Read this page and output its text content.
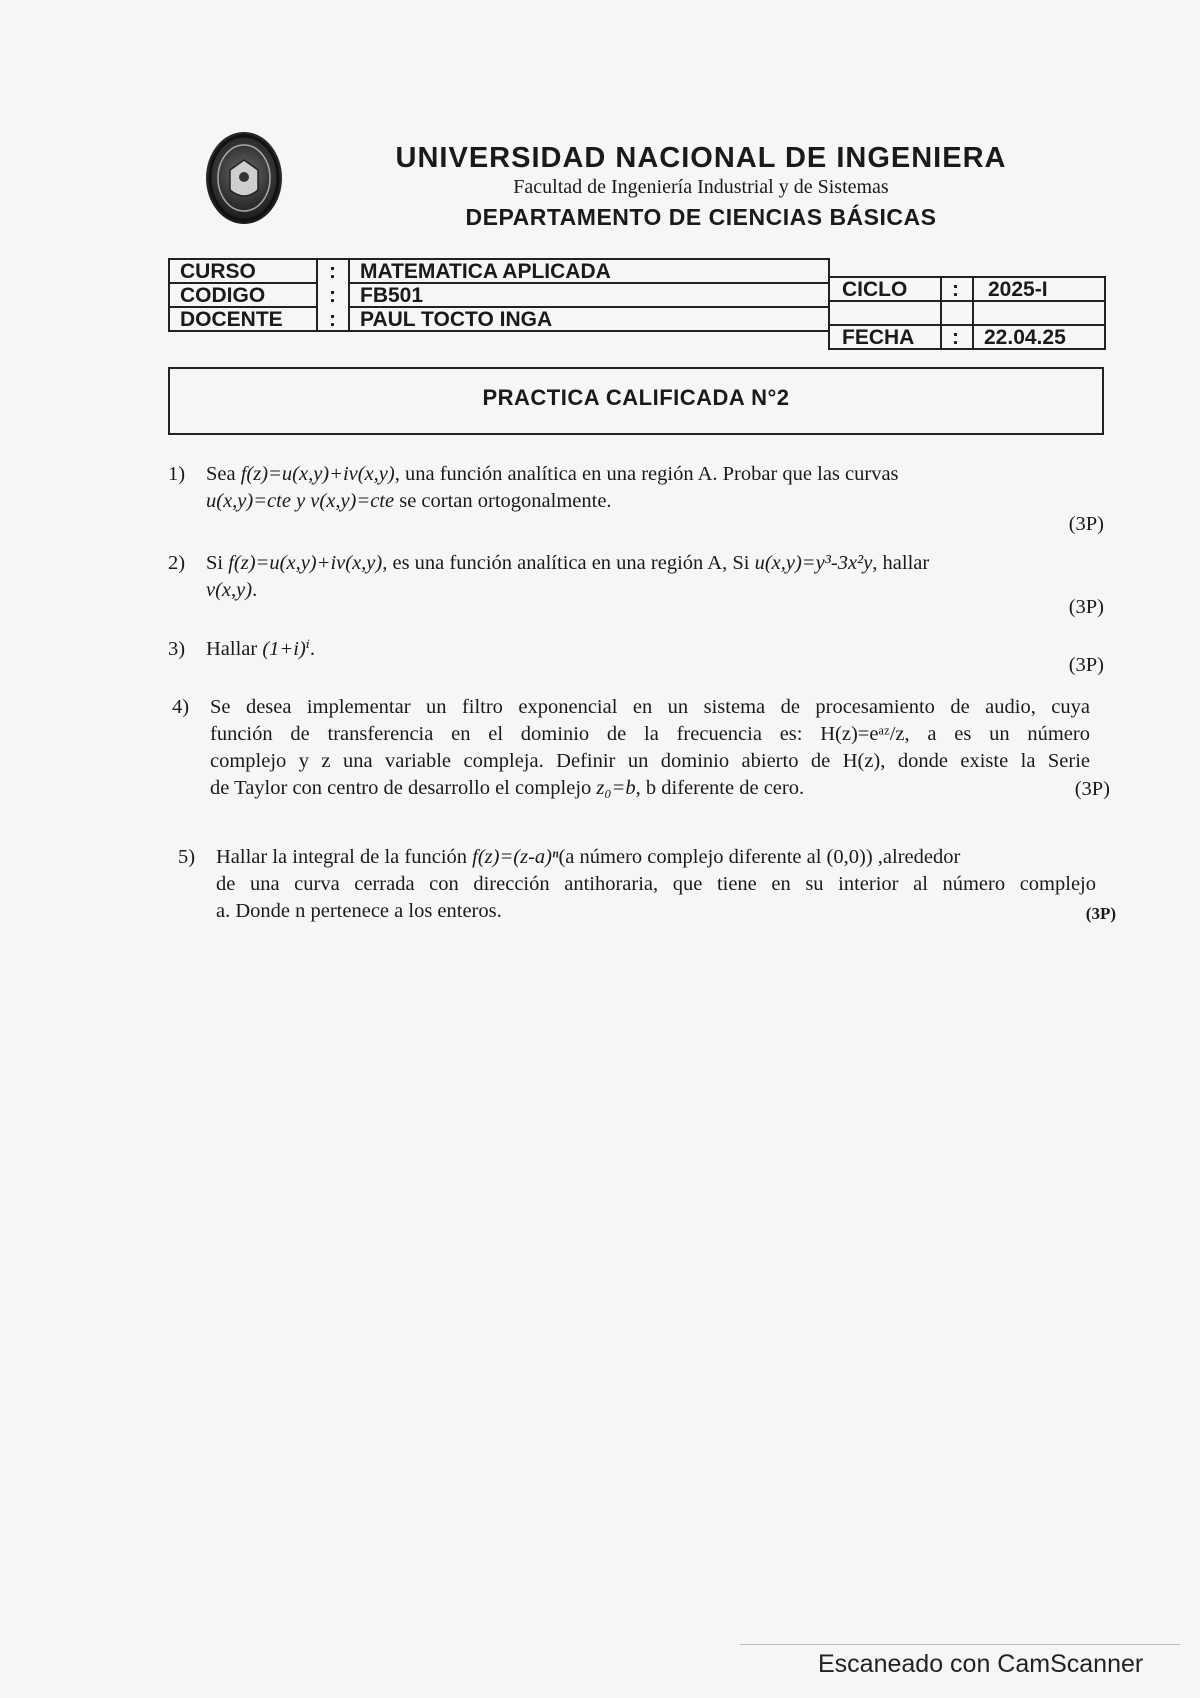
UNIVERSIDAD NACIONAL DE INGENIERA
Facultad de Ingeniería Industrial y de Sistemas
DEPARTAMENTO DE CIENCIAS BÁSICAS
CURSO
CODIGO
DOCENTE
:
:
:
MATEMATICA APLICADA
FB501
PAUL TOCTO INGA
CICLO : 2025-I
FECHA : 22.04.25
PRACTICA CALIFICADA N°2
1) Sea f(z)=u(x,y)+iv(x,y), una función analítica en una región A. Probar que las curvas
u(x,y)=cte y v(x,y)=cte se cortan ortogonalmente.
(3P)
2) Si f(z)=u(x,y)+iv(x,y), es una función analítica en una región A, Si u(x,y)=y³-3x²y, hallar
v(x,y).
(3P)
3) Hallar (1+i)ⁱ.
(3P)
4) Se desea implementar un filtro exponencial en un sistema de procesamiento de audio, cuya
función de transferencia en el dominio de la frecuencia es: H(z)=eᵃᶻ/z, a es un número
complejo y z una variable compleja. Definir un dominio abierto de H(z), donde existe la Serie
de Taylor con centro de desarrollo el complejo z₀=b, b diferente de cero.	(3P)
5) Hallar la integral de la función f(z)=(z-a)ⁿ(a número complejo diferente al (0,0)) ,alrededor
de una curva cerrada con dirección antihoraria, que tiene en su interior al número complejo
a. Donde n pertenece a los enteros.	(3P)
Escaneado con CamScanner
